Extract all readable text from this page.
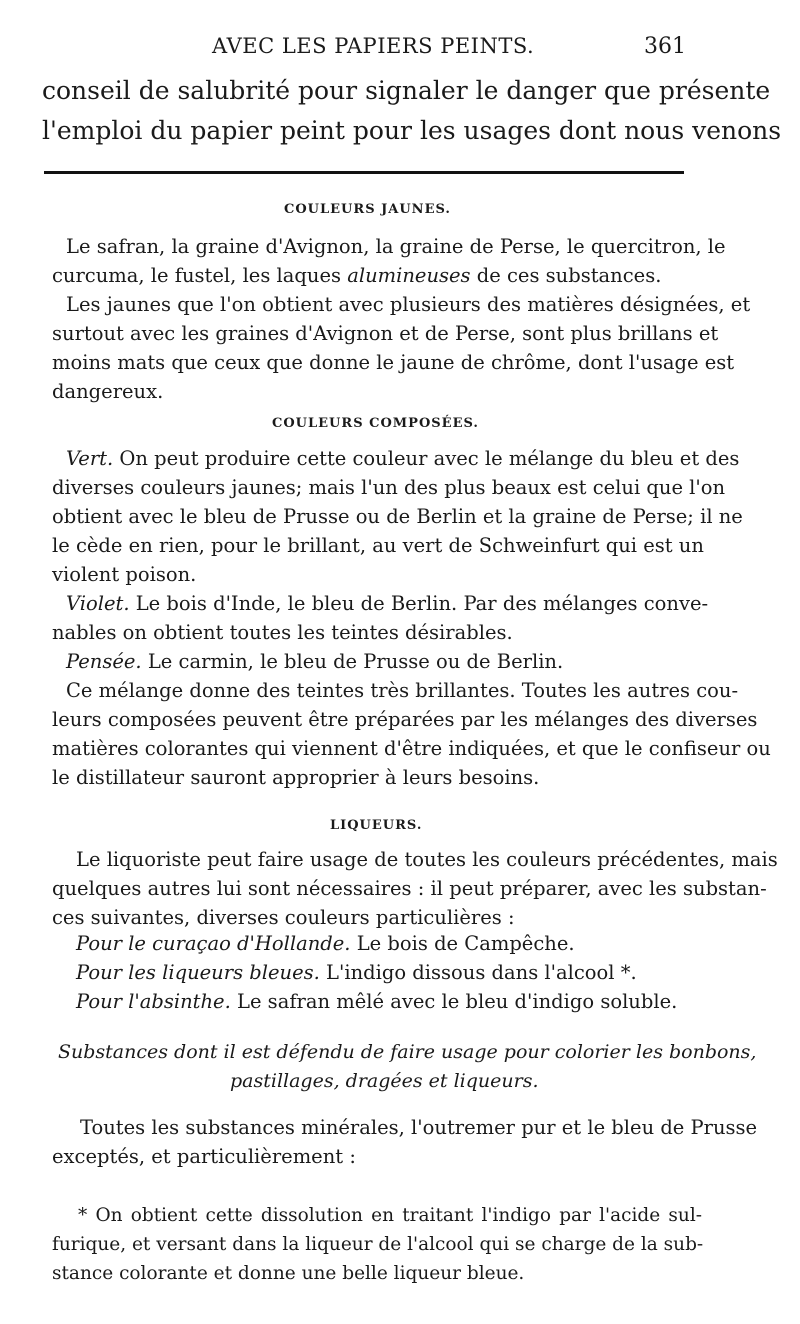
AVEC LES PAPIERS PEINTS.	361
conseil de salubrité pour signaler le danger que présente
l'emploi du papier peint pour les usages dont nous venons
COULEURS JAUNES.
Le safran, la graine d'Avignon, la graine de Perse, le quercitron, le
curcuma, le fustel, les laques alumineuses de ces substances.
Les jaunes que l'on obtient avec plusieurs des matières désignées, et
surtout avec les graines d'Avignon et de Perse, sont plus brillans et
moins mats que ceux que donne le jaune de chrôme, dont l'usage est
dangereux.
COULEURS COMPOSÉES.
Vert. On peut produire cette couleur avec le mélange du bleu et des
diverses couleurs jaunes; mais l'un des plus beaux est celui que l'on
obtient avec le bleu de Prusse ou de Berlin et la graine de Perse; il ne
le cède en rien, pour le brillant, au vert de Schweinfurt qui est un
violent poison.
Violet. Le bois d'Inde, le bleu de Berlin. Par des mélanges conve-
nables on obtient toutes les teintes désirables.
Pensée. Le carmin, le bleu de Prusse ou de Berlin.
Ce mélange donne des teintes très brillantes. Toutes les autres cou-
leurs composées peuvent être préparées par les mélanges des diverses
matières colorantes qui viennent d'être indiquées, et que le confiseur ou
le distillateur sauront approprier à leurs besoins.
LIQUEURS.
Le liquoriste peut faire usage de toutes les couleurs précédentes, mais
quelques autres lui sont nécessaires : il peut préparer, avec les substan-
ces suivantes, diverses couleurs particulières :
Pour le curaçao d'Hollande. Le bois de Campêche.
Pour les liqueurs bleues. L'indigo dissous dans l'alcool *.
Pour l'absinthe. Le safran mêlé avec le bleu d'indigo soluble.
Substances dont il est défendu de faire usage pour colorier les bonbons,
pastillages, dragées et liqueurs.
Toutes les substances minérales, l'outremer pur et le bleu de Prusse
exceptés, et particulièrement :
* On obtient cette dissolution en traitant l'indigo par l'acide sul-
furique, et versant dans la liqueur de l'alcool qui se charge de la sub-
stance colorante et donne une belle liqueur bleue.
